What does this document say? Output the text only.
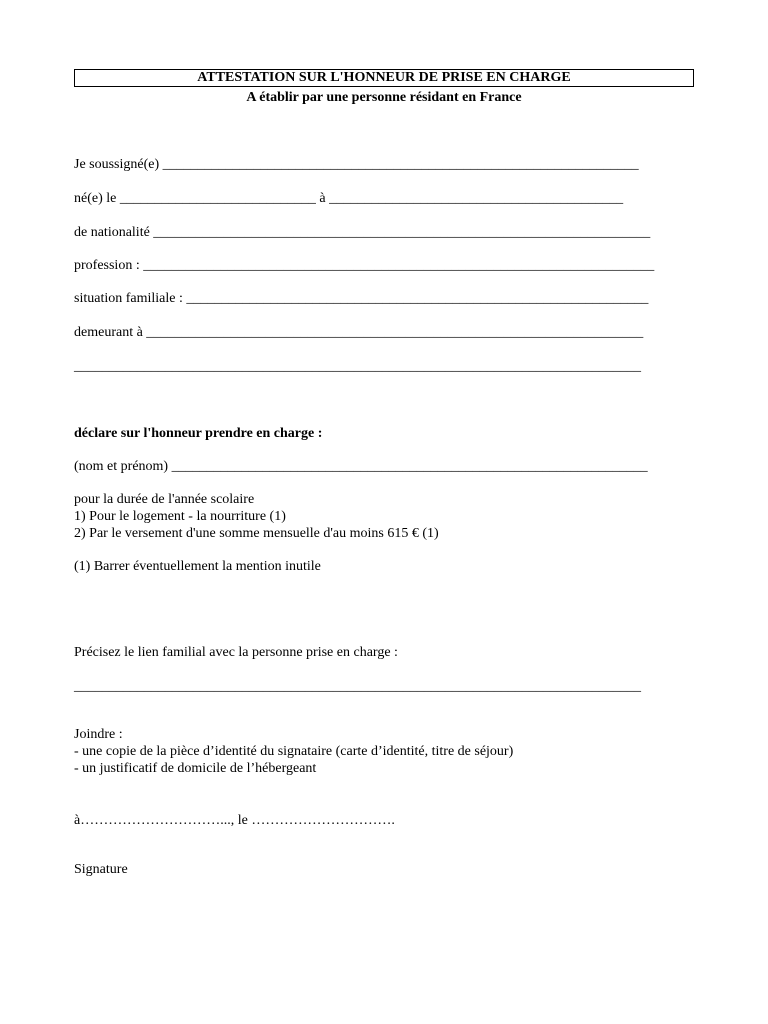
ATTESTATION SUR L'HONNEUR DE PRISE EN CHARGE
A établir par une personne résidant en France
Je soussigné(e) ____________________________________________________________________
né(e) le ____________________________ à __________________________________________
de nationalité _______________________________________________________________________
profession : _________________________________________________________________________
situation familiale : __________________________________________________________________
demeurant à _______________________________________________________________________
_________________________________________________________________________________
déclare sur l'honneur prendre en charge :
(nom et prénom) ____________________________________________________________________
pour la durée de l'année scolaire
1) Pour le logement - la nourriture (1)
2) Par le versement d'une somme mensuelle d'au moins 615 € (1)
(1) Barrer éventuellement la mention inutile
Précisez le lien familial avec la personne prise en charge :
_________________________________________________________________________________
Joindre :
- une copie de la pièce d’identité du signataire (carte d’identité, titre de séjour)
- un justificatif de domicile de l’hébergeant
à…………………………..., le ………………………….
Signature
